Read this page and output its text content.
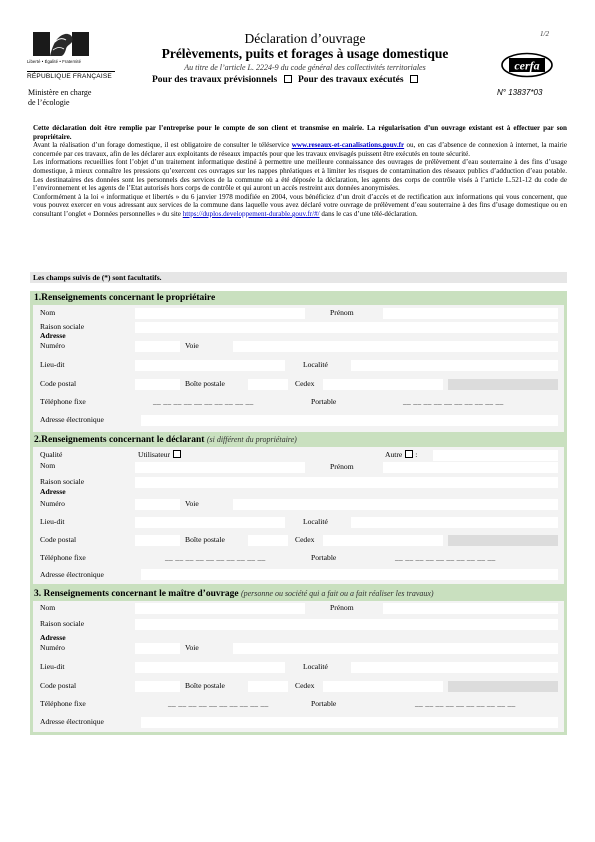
Liberté • Égalité • Fraternité
RÉPUBLIQUE FRANÇAISE
1/2
Déclaration d’ouvrage
Prélèvements, puits et forages à usage domestique
Au titre de l’article L. 2224-9 du code général des collectivités territoriales
Pour des travaux prévisionnels Pour des travaux exécutés
cerfa
N° 13837*03
Ministère en charge
de l’écologie

Cette déclaration doit être remplie par l’entreprise pour le compte de son client et transmise en mairie. La régularisation d’un ouvrage existant est à effectuer par son propriétaire.

Avant la réalisation d’un forage domestique, il est obligatoire de consulter le téléservice www.reseaux-et-canalisations.gouv.fr ou, en cas d’absence de connexion à internet, la mairie concernée par ces travaux, afin de les déclarer aux exploitants de réseaux impactés pour que les travaux envisagés puissent être exécutés en toute sécurité.

Les informations recueillies font l’objet d’un traitement informatique destiné à permettre une meilleure connaissance des ouvrages de prélèvement d’eau souterraine à des fins d’usage domestique, à mieux connaître les pressions qu’exercent ces ouvrages sur les nappes phréatiques et à limiter les risques de contamination des réseaux publics d’adduction d’eau potable. Les destinataires des données sont les personnels des services de la commune où a été déposée la déclaration, les agents des corps de contrôle visés à l’article L.521-12 du code de l’environnement et les agents de l’Etat autorisés hors corps de contrôle et qui auront un accès restreint aux données anonymisées.

Conformément à la loi « informatique et libertés » du 6 janvier 1978 modifiée en 2004, vous bénéficiez d’un droit d’accès et de rectification aux informations qui vous concernent, que vous pouvez exercer en vous adressant aux services de la commune dans laquelle vous avez déclaré votre ouvrage de prélèvement d’eau souterraine à des fins d’usage domestique ou en consultant l’onglet « Données personnelles » du site https://duplos.developpement-durable.gouv.fr/#/ dans le cas d’une télé-déclaration.

Les champs suivis de (*) sont facultatifs.
1.Renseignements concernant le propriétaire
Nom	Prénom
Raison sociale
Adresse
Numéro	Voie
Lieu-dit	Localité
Code postal	Boîte postale	Cedex
Téléphone fixe	__ __ __ __ __ __ __ __ __ __	Portable	__ __ __ __ __ __ __ __ __ __
Adresse électronique
2.Renseignements concernant le déclarant (si différent du propriétaire)
Qualité	Utilisateur	Autre :
Nom	Prénom
Raison sociale
Adresse
Numéro	Voie
Lieu-dit	Localité
Code postal	Boîte postale	Cedex
Téléphone fixe	__ __ __ __ __ __ __ __ __ __	Portable	__ __ __ __ __ __ __ __ __ __
Adresse électronique
3. Renseignements concernant le maître d’ouvrage (personne ou société qui a fait ou a fait réaliser les travaux)
Nom	Prénom
Raison sociale
Adresse
Numéro	Voie
Lieu-dit	Localité
Code postal	Boîte postale	Cedex
Téléphone fixe	__ __ __ __ __ __ __ __ __ __	Portable	__ __ __ __ __ __ __ __ __ __
Adresse électronique
